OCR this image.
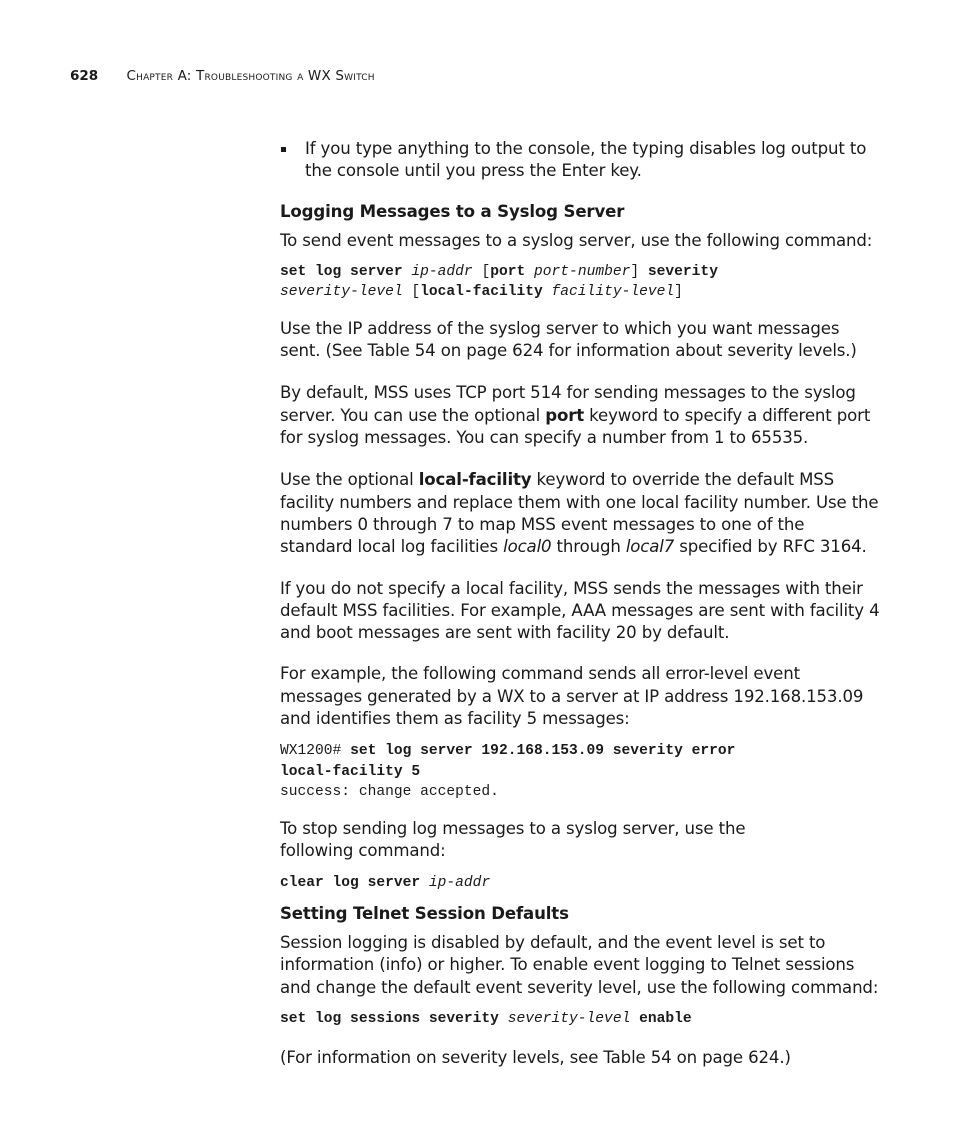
628 Chapter A: Troubleshooting a WX Switch

If you type anything to the console, the typing disables log output to the console until you press the Enter key.

Logging Messages to a Syslog Server

To send event messages to a syslog server, use the following command:

set log server ip-addr [port port-number] severity
severity-level [local-facility facility-level]

Use the IP address of the syslog server to which you want messages sent. (See Table 54 on page 624 for information about severity levels.)

By default, MSS uses TCP port 514 for sending messages to the syslog server. You can use the optional port keyword to specify a different port for syslog messages. You can specify a number from 1 to 65535.

Use the optional local-facility keyword to override the default MSS facility numbers and replace them with one local facility number. Use the numbers 0 through 7 to map MSS event messages to one of the standard local log facilities local0 through local7 specified by RFC 3164.

If you do not specify a local facility, MSS sends the messages with their default MSS facilities. For example, AAA messages are sent with facility 4 and boot messages are sent with facility 20 by default.

For example, the following command sends all error-level event messages generated by a WX to a server at IP address 192.168.153.09 and identifies them as facility 5 messages:

WX1200# set log server 192.168.153.09 severity error
local-facility 5
success: change accepted.

To stop sending log messages to a syslog server, use the following command:

clear log server ip-addr
Setting Telnet Session Defaults

Session logging is disabled by default, and the event level is set to information (info) or higher. To enable event logging to Telnet sessions and change the default event severity level, use the following command:

set log sessions severity severity-level enable

(For information on severity levels, see Table 54 on page 624.)
